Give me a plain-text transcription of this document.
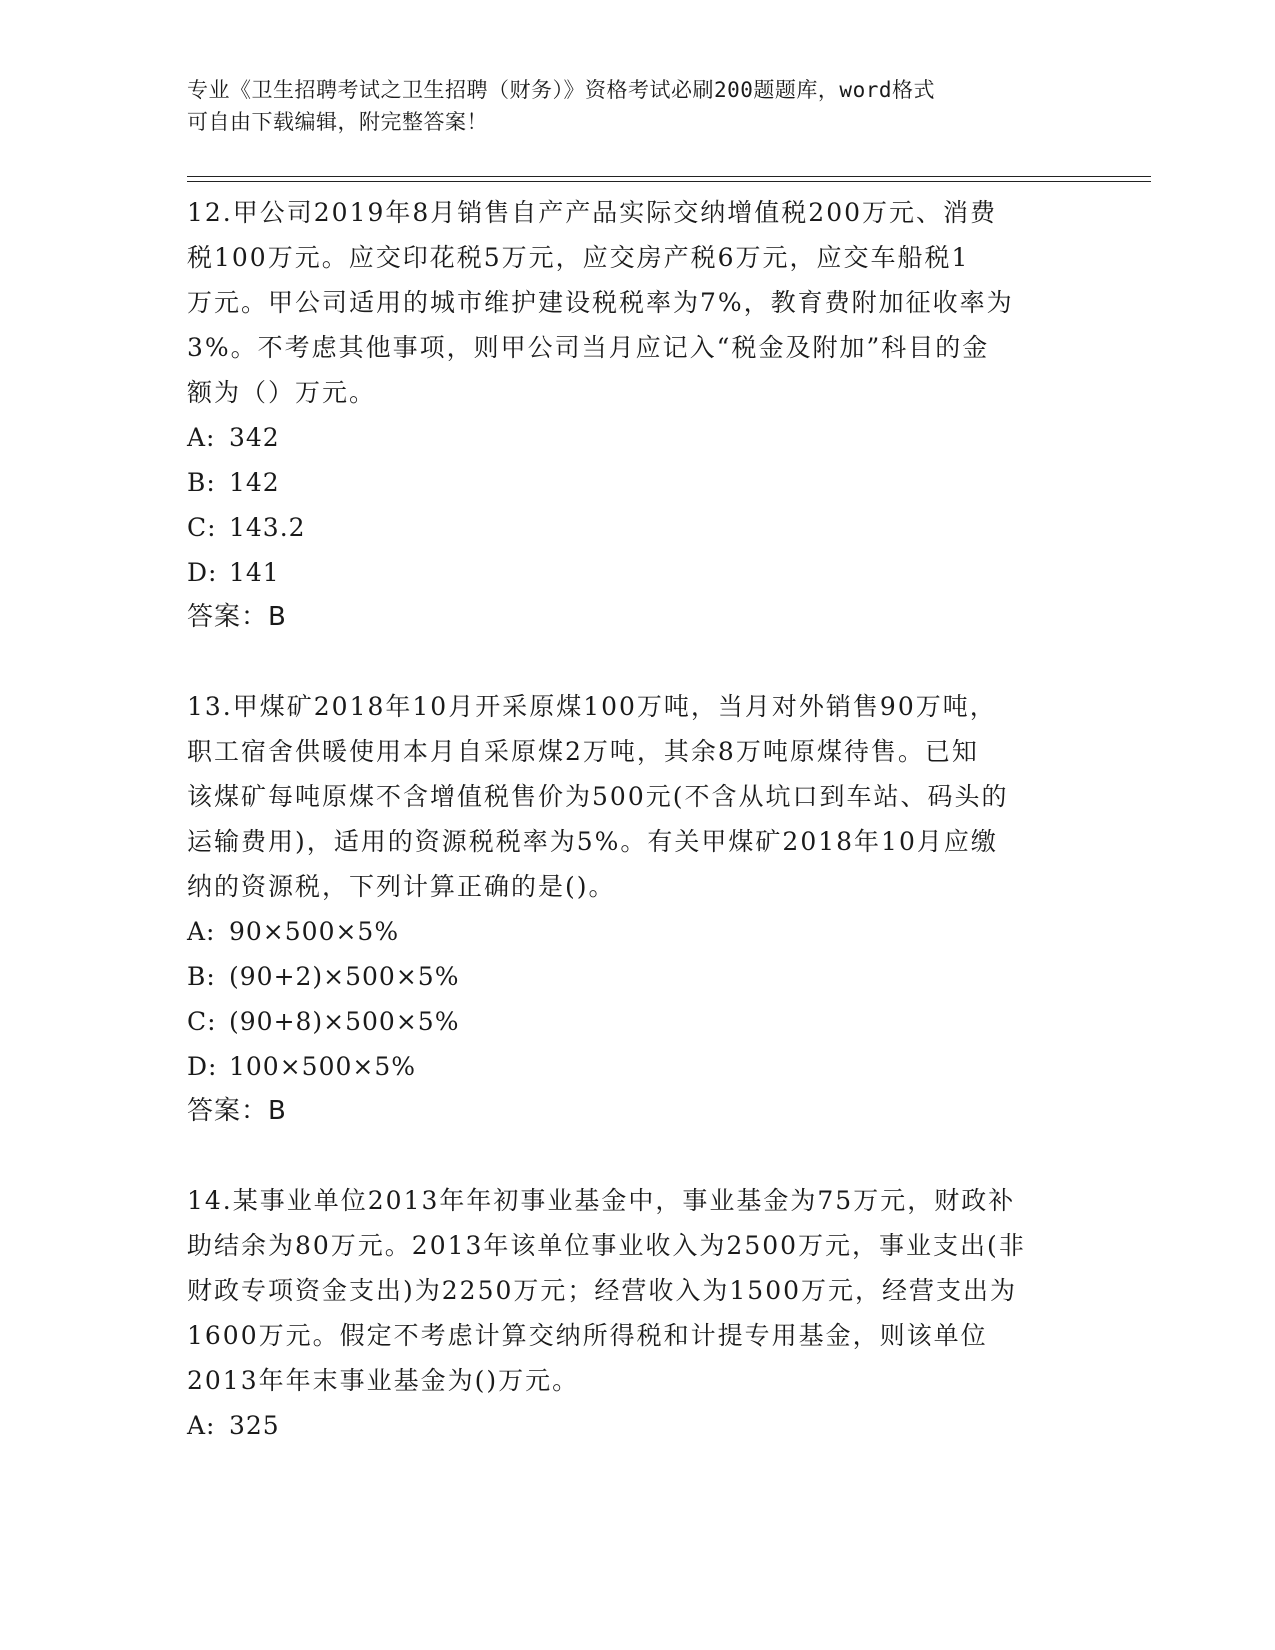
专业《卫生招聘考试之卫生招聘（财务）》资格考试必刷200题题库，word格式
可自由下载编辑，附完整答案！
12.甲公司2019年8月销售自产产品实际交纳增值税200万元、消费
税100万元。应交印花税5万元，应交房产税6万元，应交车船税1
万元。甲公司适用的城市维护建设税税率为7%，教育费附加征收率为
3%。不考虑其他事项，则甲公司当月应记入“税金及附加”科目的金
额为（）万元。
A: 342
B: 142
C: 143.2
D: 141
答案：B
13.甲煤矿2018年10月开采原煤100万吨，当月对外销售90万吨，
职工宿舍供暖使用本月自采原煤2万吨，其余8万吨原煤待售。已知
该煤矿每吨原煤不含增值税售价为500元(不含从坑口到车站、码头的
运输费用)，适用的资源税税率为5%。有关甲煤矿2018年10月应缴
纳的资源税，下列计算正确的是()。
A: 90×500×5%
B: (90+2)×500×5%
C: (90+8)×500×5%
D: 100×500×5%
答案：B
14.某事业单位2013年年初事业基金中，事业基金为75万元，财政补
助结余为80万元。2013年该单位事业收入为2500万元，事业支出(非
财政专项资金支出)为2250万元；经营收入为1500万元，经营支出为
1600万元。假定不考虑计算交纳所得税和计提专用基金，则该单位
2013年年末事业基金为()万元。
A: 325
